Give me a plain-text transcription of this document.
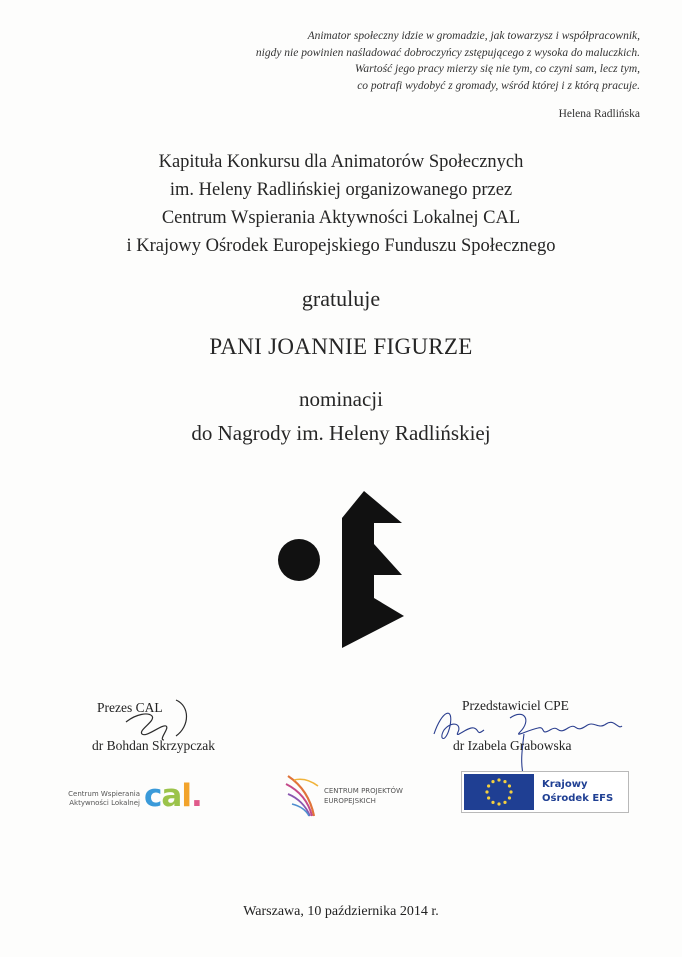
Animator społeczny idzie w gromadzie, jak towarzysz i współpracownik,
nigdy nie powinien naśladować dobroczyńcy zstępującego z wysoka do maluczkich.
Wartość jego pracy mierzy się nie tym, co czyni sam, lecz tym,
co potrafi wydobyć z gromady, wśród której i z którą pracuje.
Helena Radlińska
Kapituła Konkursu dla Animatorów Społecznych
im. Heleny Radlińskiej organizowanego przez
Centrum Wspierania Aktywności Lokalnej CAL
i Krajowy Ośrodek Europejskiego Funduszu Społecznego
gratuluje
PANI JOANNIE FIGURZE
nominacji
do Nagrody im. Heleny Radlińskiej
Prezes CAL
dr Bohdan Skrzypczak
Przedstawiciel CPE
dr Izabela Grabowska
Centrum Wspierania
Aktywności Lokalnej cal.	CENTRUM PROJEKTÓW
EUROPEJSKICH
Krajowy
Ośrodek EFS
Warszawa, 10 października 2014 r.
